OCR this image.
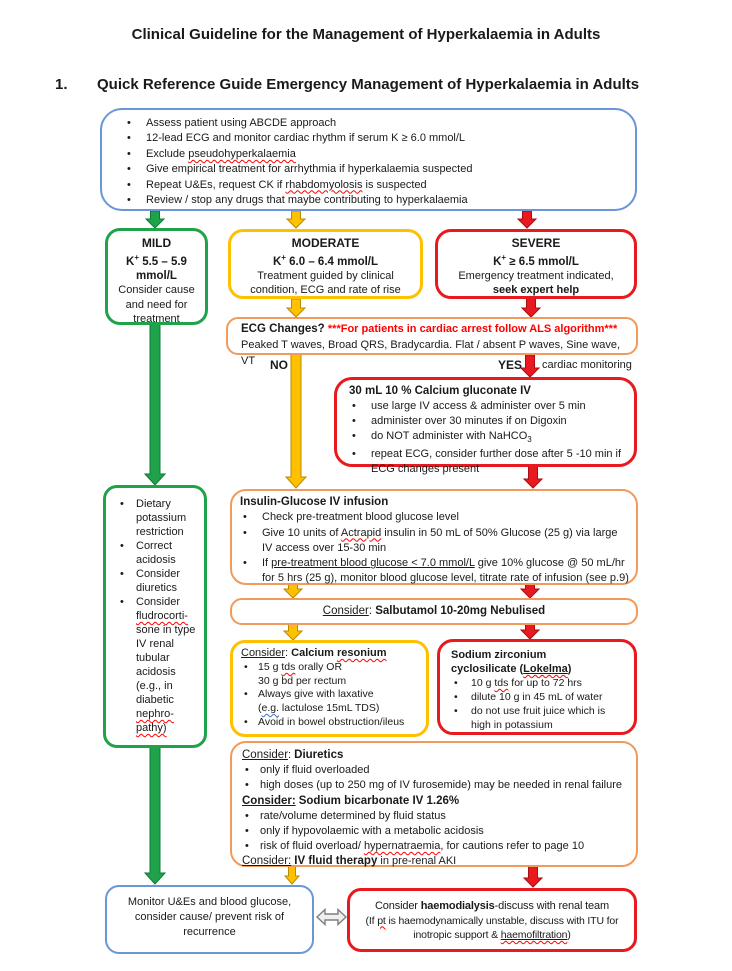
Clinical Guideline for the Management of Hyperkalaemia in Adults
1. Quick Reference Guide Emergency Management of Hyperkalaemia in Adults
•	Assess patient using ABCDE approach
•	12-lead ECG and monitor cardiac rhythm if serum K ≥ 6.0 mmol/L
•	Exclude pseudohyperkalaemia
•	Give empirical treatment for arrhythmia if hyperkalaemia suspected
•	Repeat U&Es, request CK if rhabdomyolosis is suspected
•	Review / stop any drugs that maybe contributing to hyperkalaemia
MILD
K+ 5.5 – 5.9
mmol/L
Consider cause and need for treatment
MODERATE
K+ 6.0 – 6.4 mmol/L
Treatment guided by clinical condition, ECG and rate of rise
SEVERE
K+ ≥ 6.5 mmol/L
Emergency treatment indicated,
seek expert help
ECG Changes? ***For patients in cardiac arrest follow ALS algorithm***
Peaked T waves, Broad QRS, Bradycardia. Flat / absent P waves, Sine wave, VT	NO	YES cardiac monitoring
30 mL 10 % Calcium gluconate IV
•	use large IV access & administer over 5 min
•	administer over 30 minutes if on Digoxin
•	do NOT administer with NaHCO$_3$
•	repeat ECG, consider further dose after 5 -10 min if ECG changes present
•	Dietary potassium restriction
•	Correct acidosis
•	Consider diuretics
•	Consider fludrocorti-sone in type IV renal tubular acidosis (e.g., in diabetic nephro-pathy)
Insulin-Glucose IV infusion
•	Check pre-treatment blood glucose level
•	Give 10 units of Actrapid insulin in 50 mL of 50% Glucose (25 g) via large IV access over 15-30 min
•	If pre-treatment blood glucose < 7.0 mmol/L give 10% glucose @ 50 mL/hr for 5 hrs (25 g), monitor blood glucose level, titrate rate of infusion (see p.9)
Consider: Salbutamol 10-20mg Nebulised
Consider: Calcium resonium
• 15 g tds orally OR
30 g bd per rectum
• Always give with laxative
(e.g. lactulose 15mL TDS)
• Avoid in bowel obstruction/ileus
Sodium zirconium
cyclosilicate (Lokelma)
•	10 g tds for up to 72 hrs
•	dilute 10 g in 45 mL of water
•	do not use fruit juice which is high in potassium
Consider: Diuretics
•	only if fluid overloaded
•	high doses (up to 250 mg of IV furosemide) may be needed in renal failure
Consider: Sodium bicarbonate IV 1.26%
•	rate/volume determined by fluid status
•	only if hypovolaemic with a metabolic acidosis
•	risk of fluid overload/ hypernatraemia, for cautions refer to page 10
Consider: IV fluid therapy in pre-renal AKI
Monitor U&Es and blood glucose, consider cause/ prevent risk of recurrence
Consider haemodialysis-discuss with renal team
(If pt is haemodynamically unstable, discuss with ITU for inotropic support & haemofiltration)
